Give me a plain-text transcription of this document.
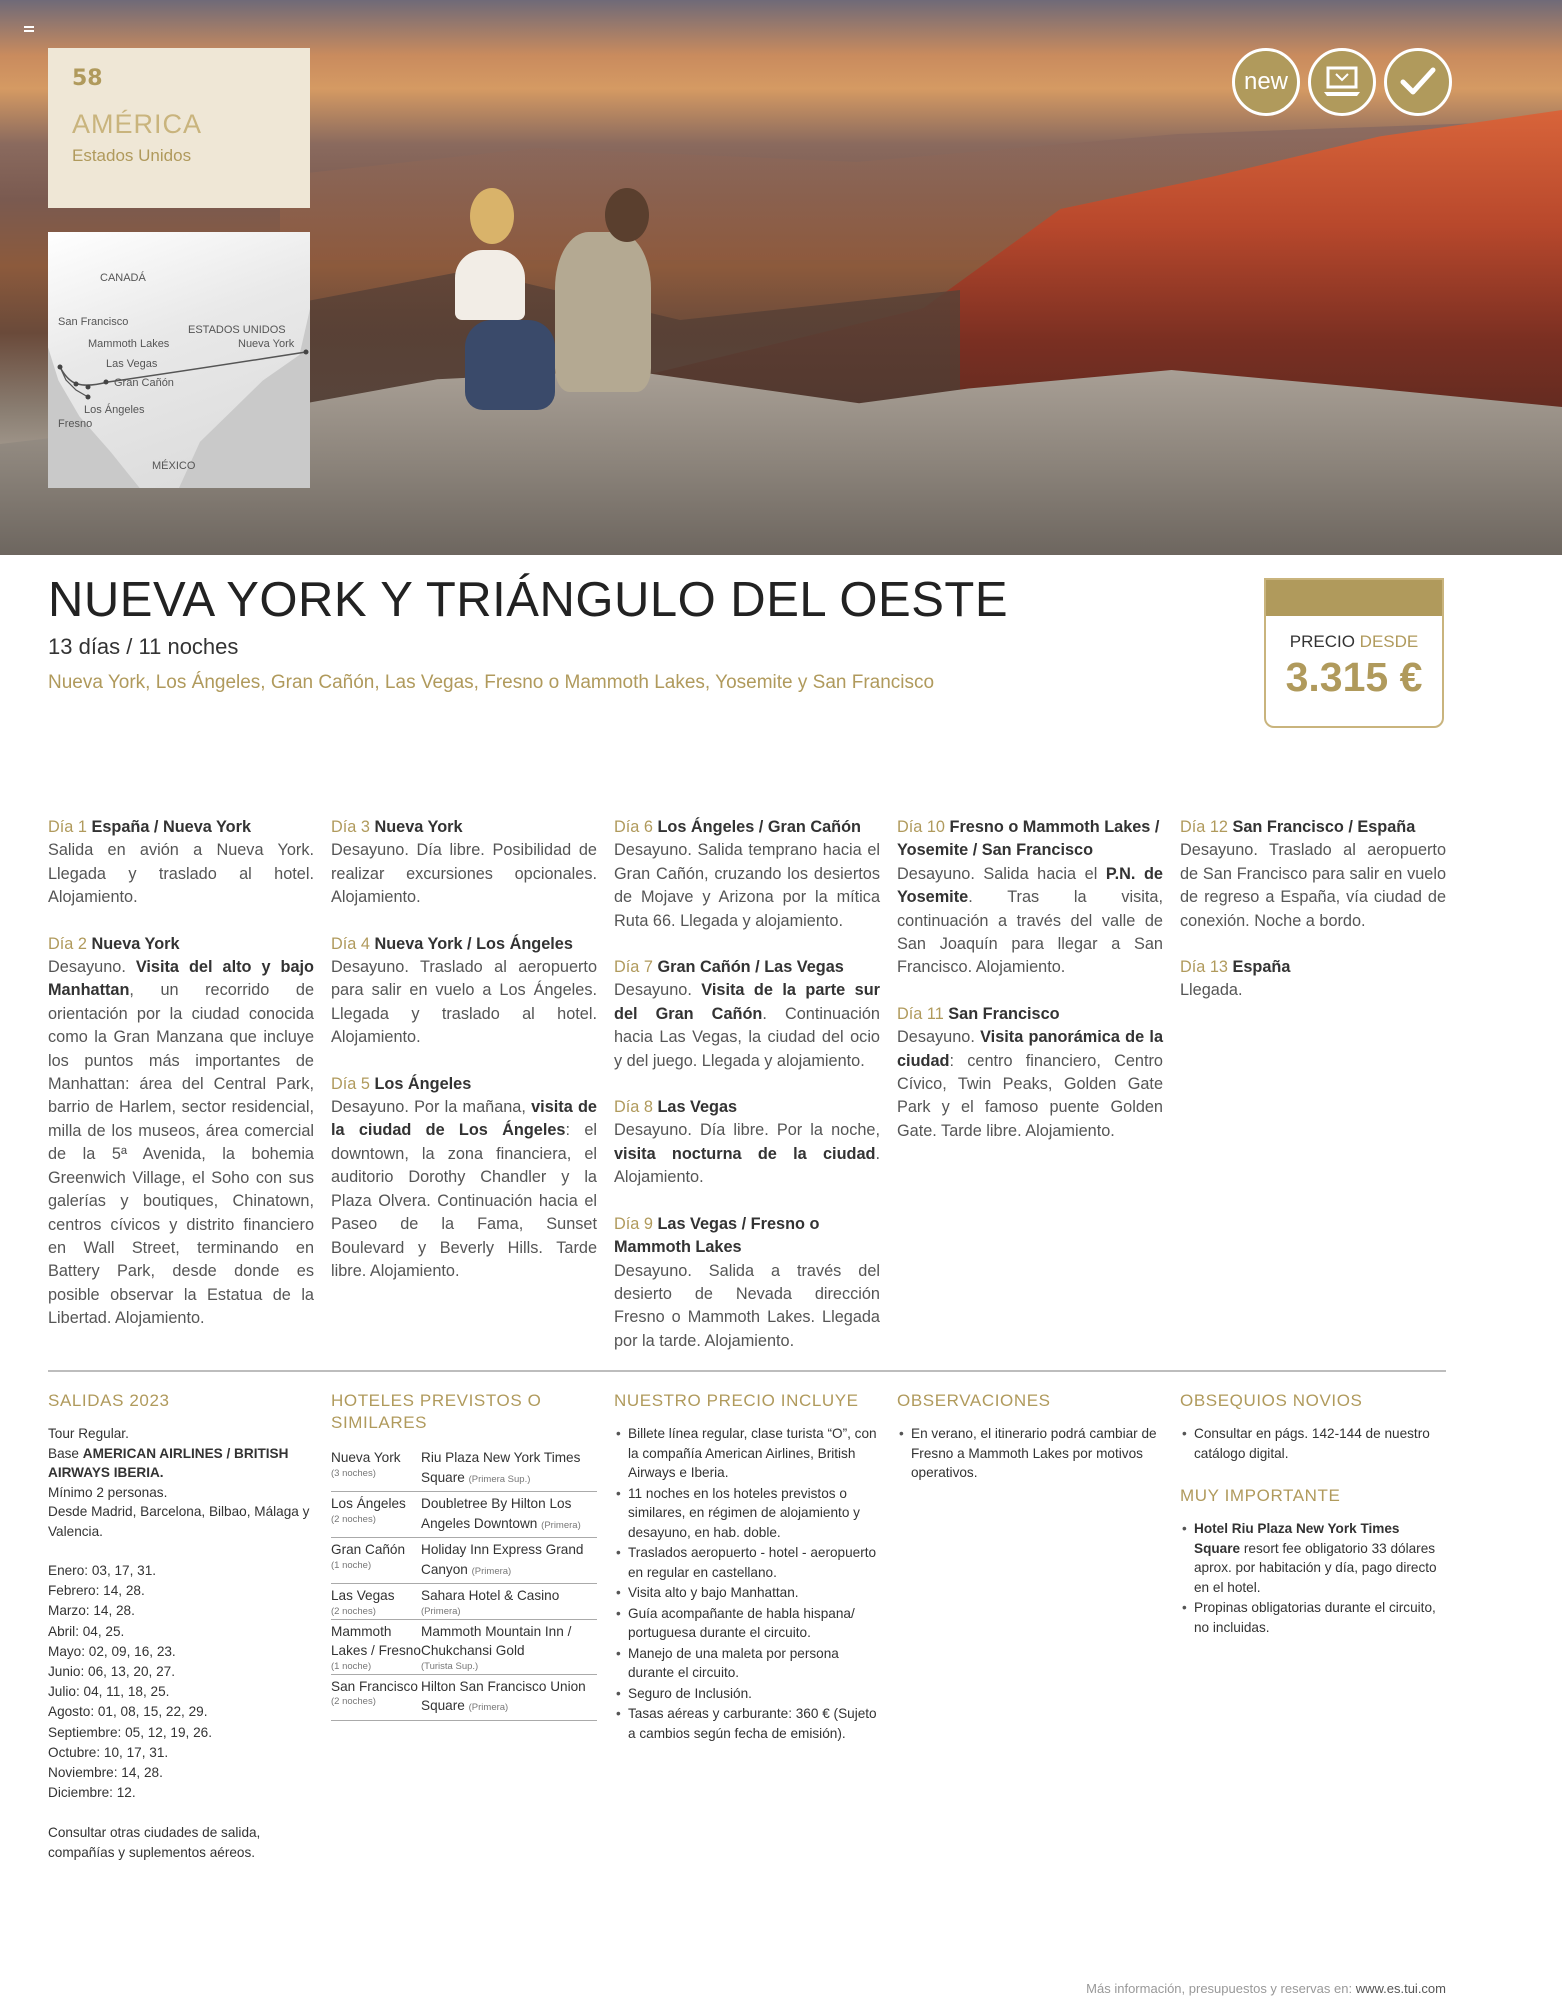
58
AMÉRICA
Estados Unidos
CANADÁ
ESTADOS UNIDOS
MÉXICO
San Francisco
Mammoth Lakes
Las Vegas
Gran Cañón
Los Ángeles
Fresno
Nueva York
new
NUEVA YORK Y TRIÁNGULO DEL OESTE
13 días / 11 noches
Nueva York, Los Ángeles, Gran Cañón, Las Vegas, Fresno o Mammoth Lakes, Yosemite y San Francisco
PRECIO DESDE
3.315 €
Día 1 España / Nueva York
Salida en avión a Nueva York. Llegada y traslado al hotel. Alojamiento.
Día 2 Nueva York
Desayuno. Visita del alto y bajo Manhattan, un recorrido de orientación por la ciudad conocida como la Gran Manzana que incluye los puntos más importantes de Manhattan: área del Central Park, barrio de Harlem, sector residencial, milla de los museos, área comercial de la 5ª Avenida, la bohemia Greenwich Village, el Soho con sus galerías y boutiques, Chinatown, centros cívicos y distrito financiero en Wall Street, terminando en Battery Park, desde donde es posible observar la Estatua de la Libertad. Alojamiento.
Día 3 Nueva York
Desayuno. Día libre. Posibilidad de realizar excursiones opcionales. Alojamiento.
Día 4 Nueva York / Los Ángeles
Desayuno. Traslado al aeropuerto para salir en vuelo a Los Ángeles. Llegada y traslado al hotel. Alojamiento.
Día 5 Los Ángeles
Desayuno. Por la mañana, visita de la ciudad de Los Ángeles: el downtown, la zona financiera, el auditorio Dorothy Chandler y la Plaza Olvera. Continuación hacia el Paseo de la Fama, Sunset Boulevard y Beverly Hills. Tarde libre. Alojamiento.
Día 6 Los Ángeles / Gran Cañón
Desayuno. Salida temprano hacia el Gran Cañón, cruzando los desiertos de Mojave y Arizona por la mítica Ruta 66. Llegada y alojamiento.
Día 7 Gran Cañón / Las Vegas
Desayuno. Visita de la parte sur del Gran Cañón. Continuación hacia Las Vegas, la ciudad del ocio y del juego. Llegada y alojamiento.
Día 8 Las Vegas
Desayuno. Día libre. Por la noche, visita nocturna de la ciudad. Alojamiento.
Día 9 Las Vegas / Fresno o Mammoth Lakes
Desayuno. Salida a través del desierto de Nevada dirección Fresno o Mammoth Lakes. Llegada por la tarde. Alojamiento.
Día 10 Fresno o Mammoth Lakes / Yosemite / San Francisco
Desayuno. Salida hacia el P.N. de Yosemite. Tras la visita, continuación a través del valle de San Joaquín para llegar a San Francisco. Alojamiento.
Día 11 San Francisco
Desayuno. Visita panorámica de la ciudad: centro financiero, Centro Cívico, Twin Peaks, Golden Gate Park y el famoso puente Golden Gate. Tarde libre. Alojamiento.
Día 12 San Francisco / España
Desayuno. Traslado al aeropuerto de San Francisco para salir en vuelo de regreso a España, vía ciudad de conexión. Noche a bordo.
Día 13 España
Llegada.
SALIDAS 2023
Tour Regular.
Base AMERICAN AIRLINES / BRITISH AIRWAYS IBERIA.
Mínimo 2 personas.
Desde Madrid, Barcelona, Bilbao, Málaga y Valencia.
Enero: 03, 17, 31.
Febrero: 14, 28.
Marzo: 14, 28.
Abril: 04, 25.
Mayo: 02, 09, 16, 23.
Junio: 06, 13, 20, 27.
Julio: 04, 11, 18, 25.
Agosto: 01, 08, 15, 22, 29.
Septiembre: 05, 12, 19, 26.
Octubre: 10, 17, 31.
Noviembre: 14, 28.
Diciembre: 12.
Consultar otras ciudades de salida, compañías y suplementos aéreos.
HOTELES PREVISTOS O SIMILARES
Nueva York
(3 noches)
Riu Plaza New York Times Square (Primera Sup.)
Los Ángeles
(2 noches)
Doubletree By Hilton Los Angeles Downtown (Primera)
Gran Cañón
(1 noche)
Holiday Inn Express Grand Canyon (Primera)
Las Vegas
(2 noches)
Sahara Hotel & Casino
(Primera)
Mammoth Lakes / Fresno
(1 noche)
Mammoth Mountain Inn / Chukchansi Gold
(Turista Sup.)
San Francisco
(2 noches)
Hilton San Francisco Union Square (Primera)
NUESTRO PRECIO INCLUYE
• Billete línea regular, clase turista “O”, con la compañía American Airlines, British Airways e Iberia.
• 11 noches en los hoteles previstos o similares, en régimen de alojamiento y desayuno, en hab. doble.
• Traslados aeropuerto - hotel - aeropuerto en regular en castellano.
• Visita alto y bajo Manhattan.
• Guía acompañante de habla hispana/ portuguesa durante el circuito.
• Manejo de una maleta por persona durante el circuito.
• Seguro de Inclusión.
• Tasas aéreas y carburante: 360 € (Sujeto a cambios según fecha de emisión).
OBSERVACIONES
• En verano, el itinerario podrá cambiar de Fresno a Mammoth Lakes por motivos operativos.
OBSEQUIOS NOVIOS
• Consultar en págs. 142-144 de nuestro catálogo digital.
MUY IMPORTANTE
• Hotel Riu Plaza New York Times Square resort fee obligatorio 33 dólares aprox. por habitación y día, pago directo en el hotel.
• Propinas obligatorias durante el circuito, no incluidas.
Más información, presupuestos y reservas en: www.es.tui.com
